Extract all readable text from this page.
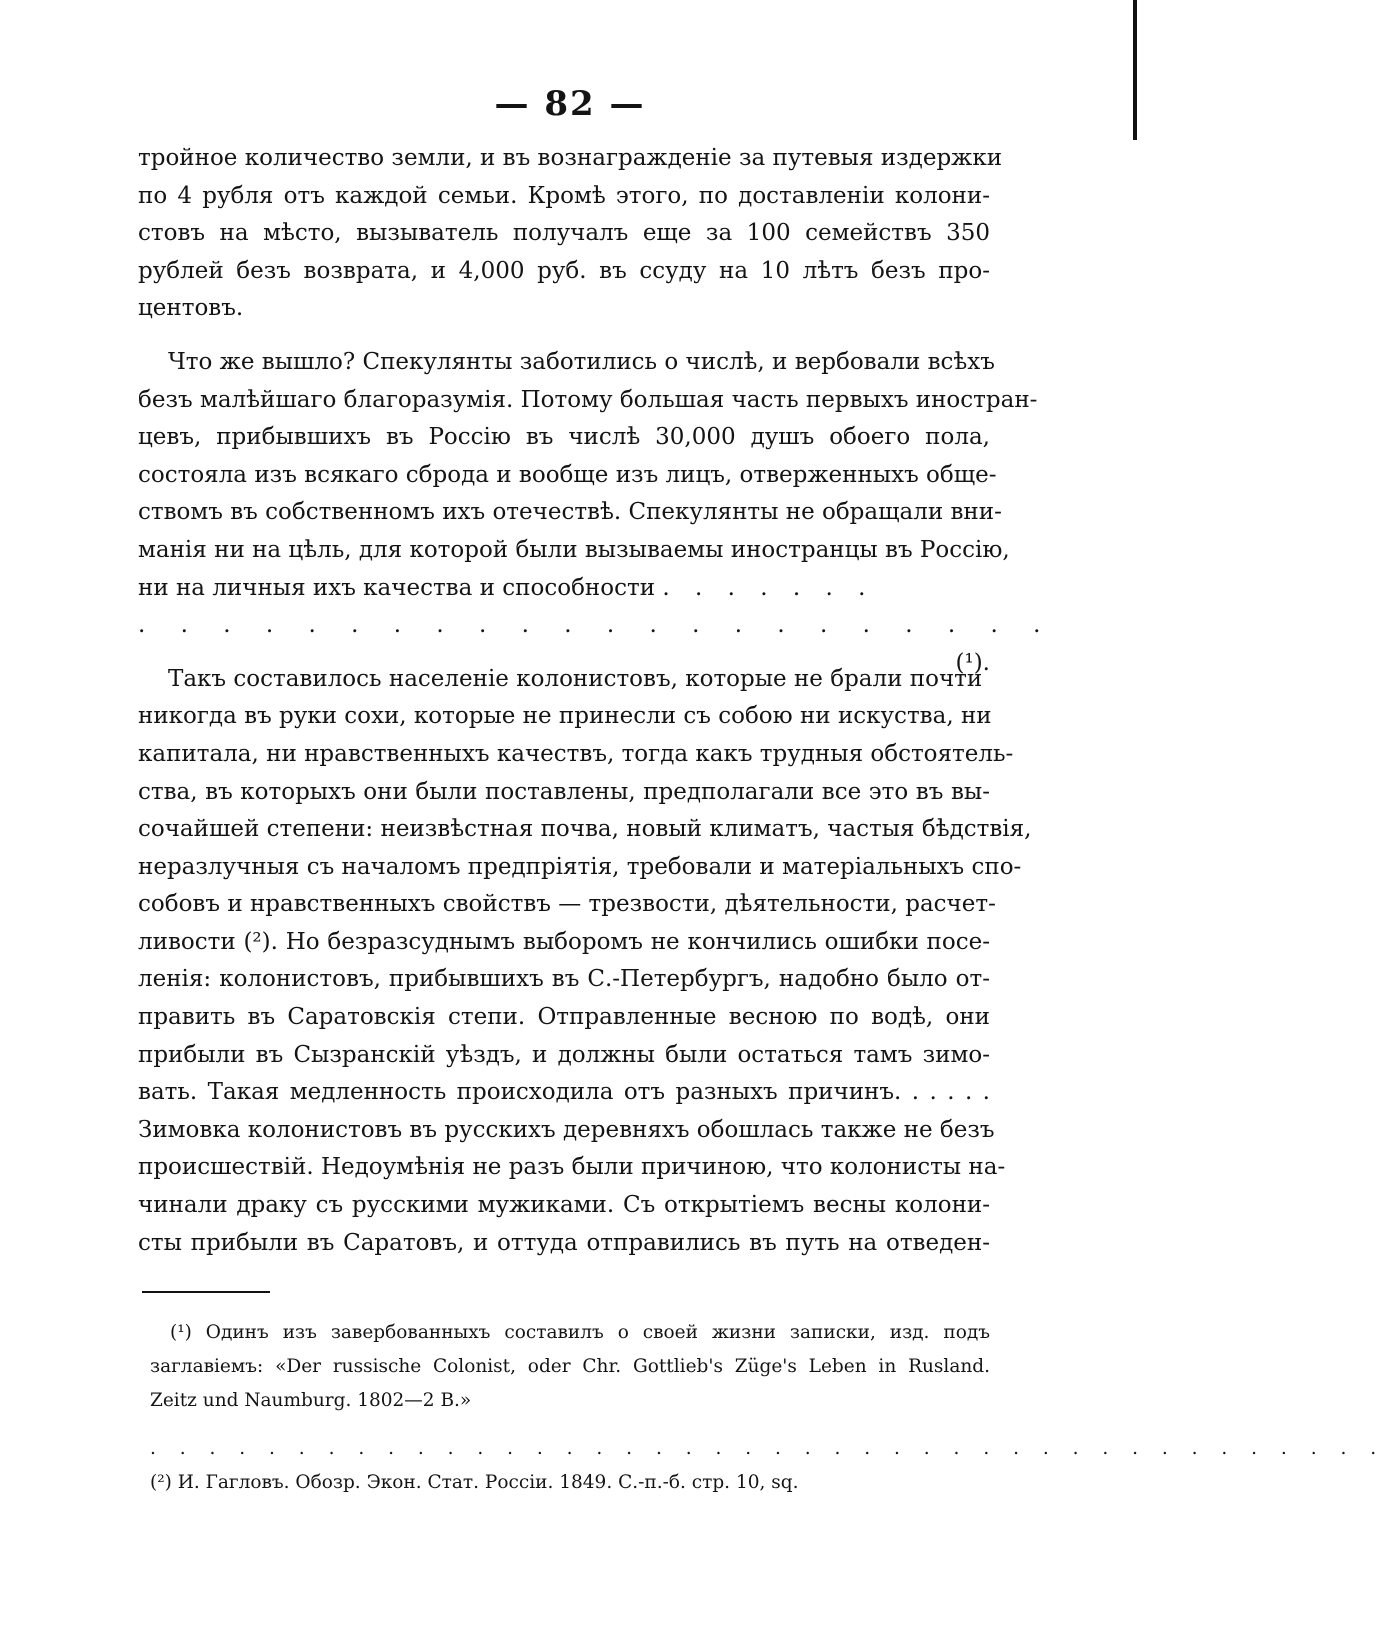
— 82 —
тройное количество земли, и въ вознагражденіе за путевыя издержки
по 4 рубля отъ каждой семьи. Кромѣ этого, по доставленіи колони-
стовъ на мѣсто, вызыватель получалъ еще за 100 семействъ 350
рублей безъ возврата, и 4,000 руб. въ ссуду на 10 лѣтъ безъ про-
центовъ.
Что же вышло? Спекулянты заботились о числѣ, и вербовали всѣхъ
безъ малѣйшаго благоразумія. Потому большая часть первыхъ иностран-
цевъ, прибывшихъ въ Россію въ числѣ 30,000 душъ обоего пола,
состояла изъ всякаго сброда и вообще изъ лицъ, отверженныхъ обще-
ствомъ въ собственномъ ихъ отечествѣ. Спекулянты не обращали вни-
манія ни на цѣль, для которой были вызываемы иностранцы въ Россію,
ни на личныя ихъ качества и способности . . . . . . .
. . . . . . . . . . . . . . . . . . . . . .
(¹).
Такъ составилось населеніе колонистовъ, которые не брали почти
никогда въ руки сохи, которые не принесли съ собою ни искуства, ни
капитала, ни нравственныхъ качествъ, тогда какъ трудныя обстоятель-
ства, въ которыхъ они были поставлены, предполагали все это въ вы-
сочайшей степени: неизвѣстная почва, новый климатъ, частыя бѣдствія,
неразлучныя съ началомъ предпріятія, требовали и матеріальныхъ спо-
собовъ и нравственныхъ свойствъ — трезвости, дѣятельности, расчет-
ливости (²). Но безразсуднымъ выборомъ не кончились ошибки посе-
ленія: колонистовъ, прибывшихъ въ С.-Петербургъ, надобно было от-
править въ Саратовскія степи. Отправленные весною по водѣ, они
прибыли въ Сызранскій уѣздъ, и должны были остаться тамъ зимо-
вать. Такая медленность происходила отъ разныхъ причинъ. . . . . .
Зимовка колонистовъ въ русскихъ деревняхъ обошлась также не безъ
происшествій. Недоумѣнія не разъ были причиною, что колонисты на-
чинали драку съ русскими мужиками. Съ открытіемъ весны колони-
сты прибыли въ Саратовъ, и оттуда отправились въ путь на отведен-
(¹) Одинъ изъ завербованныхъ составилъ о своей жизни записки, изд. подъ
заглавіемъ: «Der russische Colonist, oder Chr. Gottlieb's Züge's Leben in Rusland.
Zeitz und Naumburg. 1802—2 B.»
. . . . . . . . . . . . . . . . . . . . . . . . . . . . . . . . . . . . . . . . . .
(²) И. Гагловъ. Обозр. Экон. Стат. Россіи. 1849. С.-п.-б. стр. 10, sq.
